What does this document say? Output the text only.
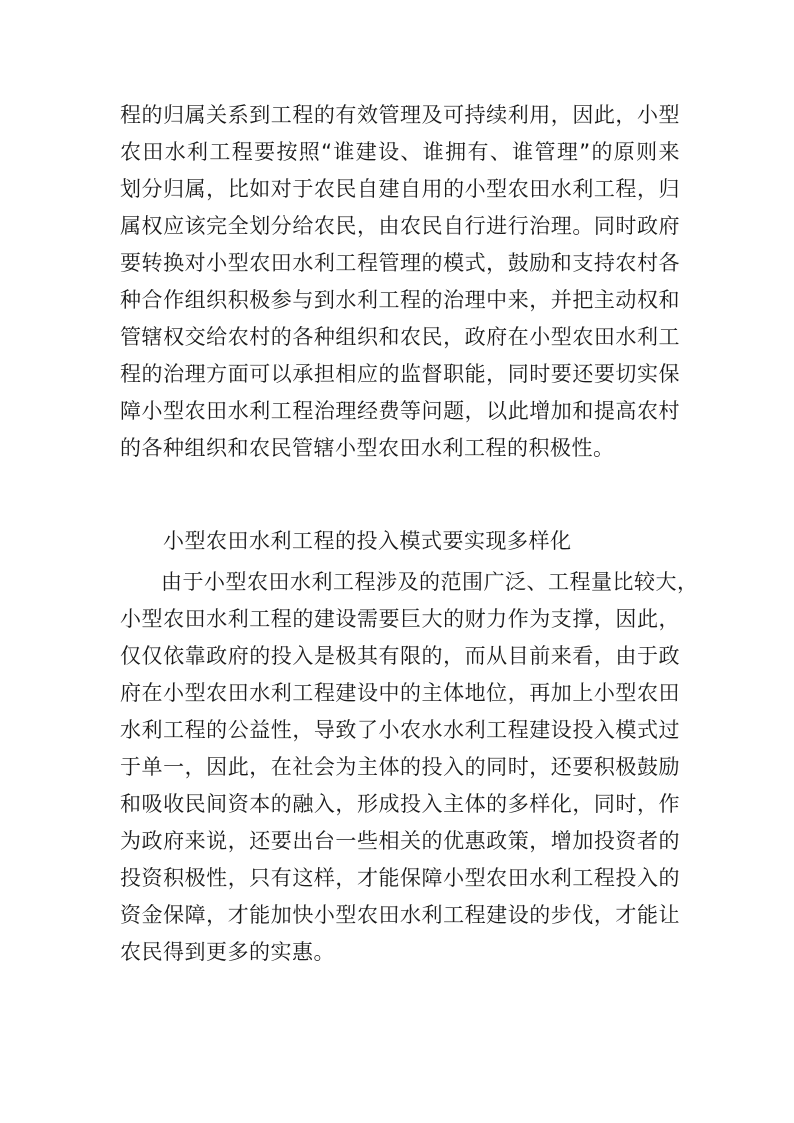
程的归属关系到工程的有效管理及可持续利用，因此，小型
农田水利工程要按照“谁建设、谁拥有、谁管理”的原则来
划分归属，比如对于农民自建自用的小型农田水利工程，归
属权应该完全划分给农民，由农民自行进行治理。同时政府
要转换对小型农田水利工程管理的模式，鼓励和支持农村各
种合作组织积极参与到水利工程的治理中来，并把主动权和
管辖权交给农村的各种组织和农民，政府在小型农田水利工
程的治理方面可以承担相应的监督职能，同时要还要切实保
障小型农田水利工程治理经费等问题，以此增加和提高农村
的各种组织和农民管辖小型农田水利工程的积极性。
小型农田水利工程的投入模式要实现多样化
由于小型农田水利工程涉及的范围广泛、工程量比较大，
小型农田水利工程的建设需要巨大的财力作为支撑，因此，
仅仅依靠政府的投入是极其有限的，而从目前来看，由于政
府在小型农田水利工程建设中的主体地位，再加上小型农田
水利工程的公益性，导致了小农水水利工程建设投入模式过
于单一，因此，在社会为主体的投入的同时，还要积极鼓励
和吸收民间资本的融入，形成投入主体的多样化，同时，作
为政府来说，还要出台一些相关的优惠政策，增加投资者的
投资积极性，只有这样，才能保障小型农田水利工程投入的
资金保障，才能加快小型农田水利工程建设的步伐，才能让
农民得到更多的实惠。
